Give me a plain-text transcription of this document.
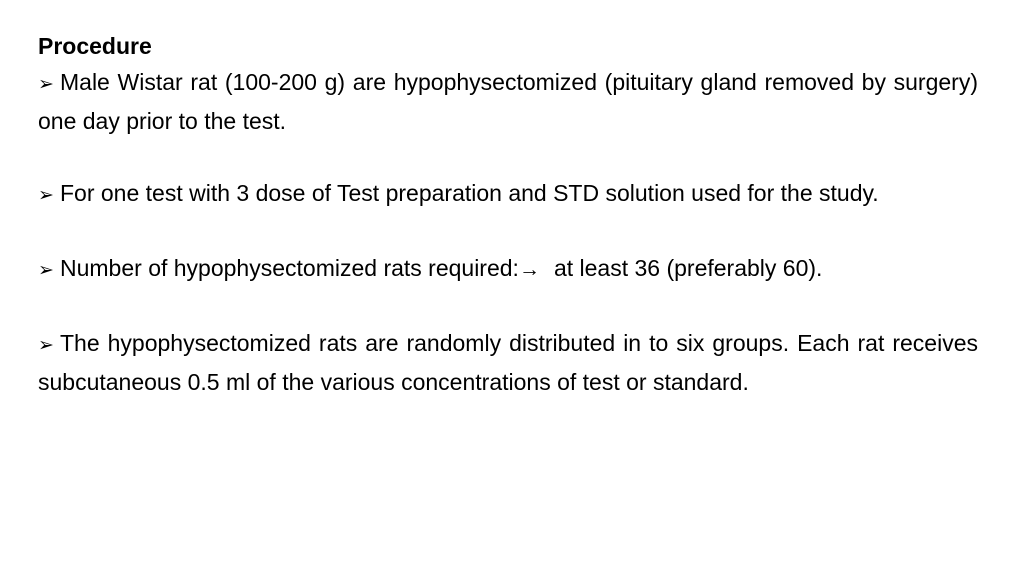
Procedure
➢ Male Wistar rat (100-200 g) are hypophysectomized (pituitary gland removed by surgery) one day prior to the test.
➢ For one test with 3 dose of Test preparation and STD solution used for the study.
➢ Number of hypophysectomized rats required:→ at least 36 (preferably 60).
➢ The hypophysectomized rats are randomly distributed in to six groups. Each rat receives subcutaneous 0.5 ml of the various concentrations of test or standard.
